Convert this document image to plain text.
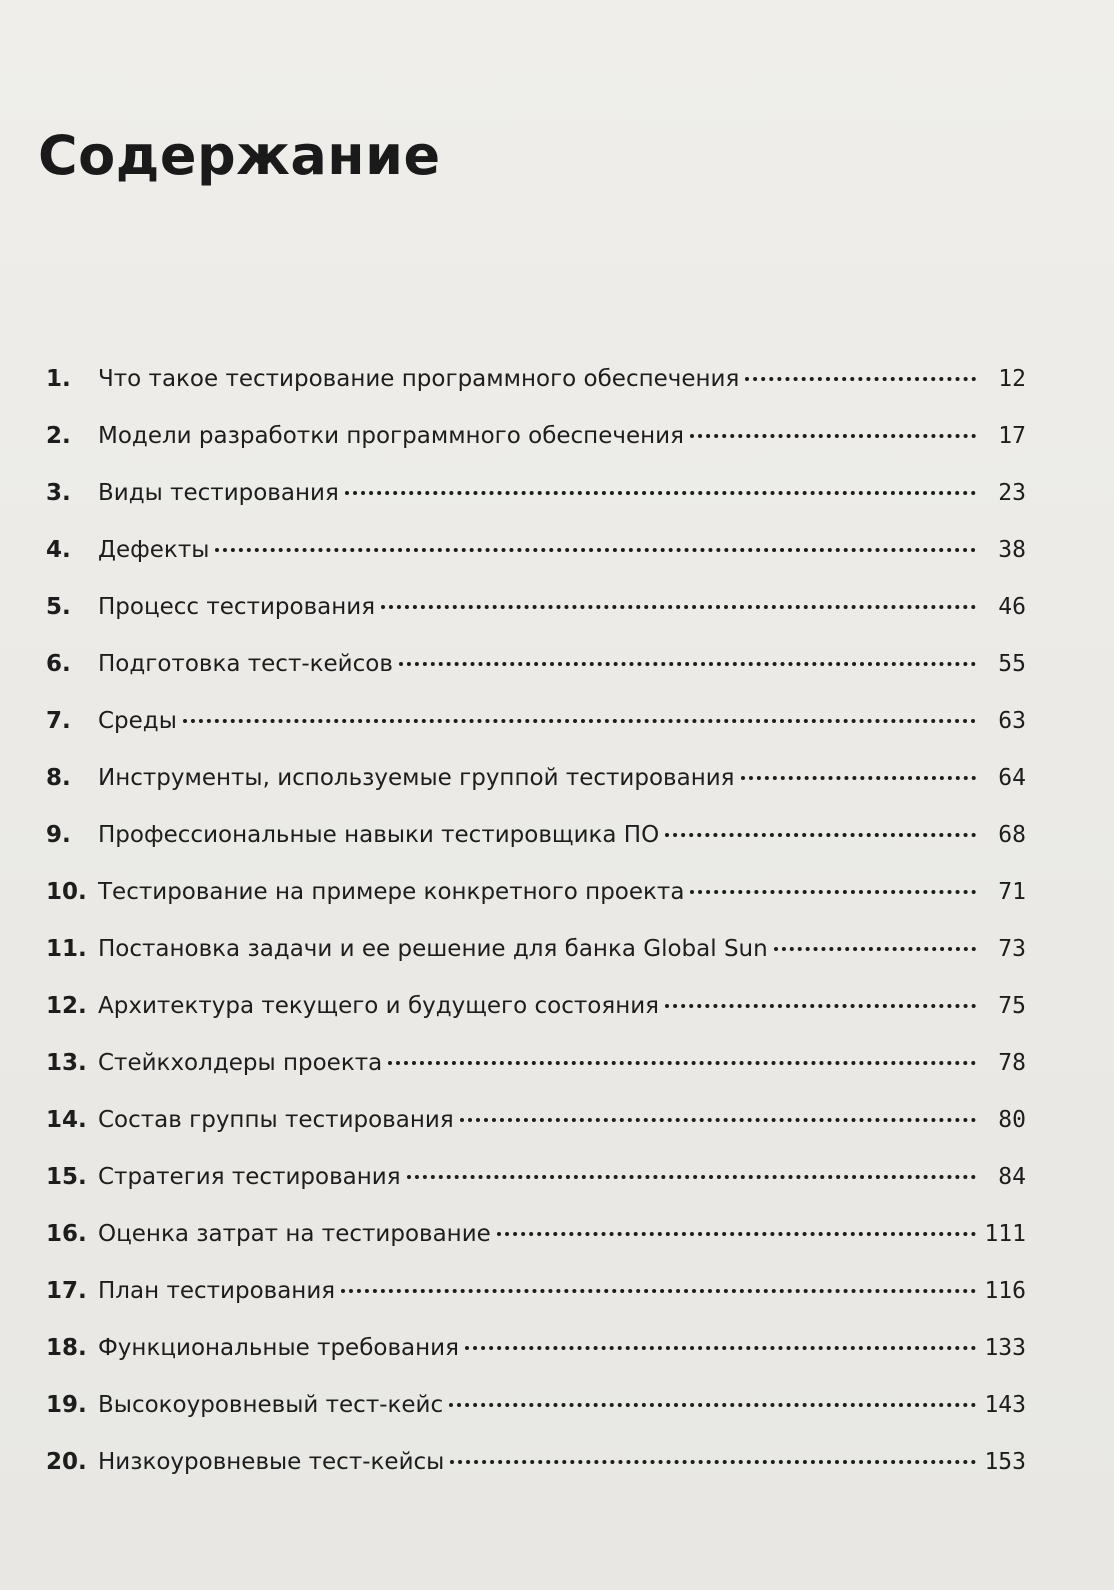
Содержание
1.	Что такое тестирование программного обеспечения	12
2.	Модели разработки программного обеспечения	17
3.	Виды тестирования	23
4.	Дефекты	38
5.	Процесс тестирования	46
6.	Подготовка тест-кейсов	55
7.	Среды	63
8.	Инструменты, используемые группой тестирования	64
9.	Профессиональные навыки тестировщика ПО	68
10. Тестирование на примере конкретного проекта	71
11. Постановка задачи и ее решение для банка Global Sun	73
12. Архитектура текущего и будущего состояния	75
13. Стейкхолдеры проекта	78
14. Состав группы тестирования	80
15. Стратегия тестирования	84
16. Оценка затрат на тестирование	111
17. План тестирования	116
18. Функциональные требования	133
19. Высокоуровневый тест-кейс	143
20. Низкоуровневые тест-кейсы	153
